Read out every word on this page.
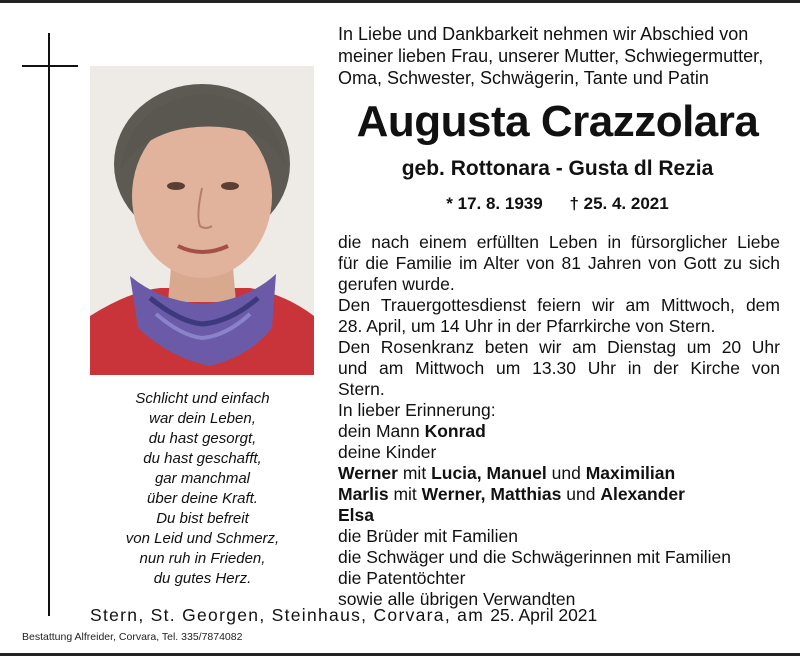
Schlicht und einfach
war dein Leben,
du hast gesorgt,
du hast geschafft,
gar manchmal
über deine Kraft.
Du bist befreit
von Leid und Schmerz,
nun ruh in Frieden,
du gutes Herz.
In Liebe und Dankbarkeit nehmen wir Abschied von
meiner lieben Frau, unserer Mutter, Schwiegermutter,
Oma, Schwester, Schwägerin, Tante und Patin
Augusta Crazzolara
geb. Rottonara - Gusta dl Rezia
* 17. 8. 1939 † 25. 4. 2021
die nach einem erfüllten Leben in fürsorglicher Liebe
für die Familie im Alter von 81 Jahren von Gott zu sich
gerufen wurde.
Den Trauergottesdienst feiern wir am Mittwoch, dem
28. April, um 14 Uhr in der Pfarrkirche von Stern.
Den Rosenkranz beten wir am Dienstag um 20 Uhr
und am Mittwoch um 13.30 Uhr in der Kirche von
Stern.
In lieber Erinnerung:
dein Mann Konrad
deine Kinder
Werner mit Lucia, Manuel und Maximilian
Marlis mit Werner, Matthias und Alexander
Elsa
die Brüder mit Familien
die Schwäger und die Schwägerinnen mit Familien
die Patentöchter
sowie alle übrigen Verwandten
Stern, St. Georgen, Steinhaus, Corvara, am 25. April 2021
Bestattung Alfreider, Corvara, Tel. 335/7874082
